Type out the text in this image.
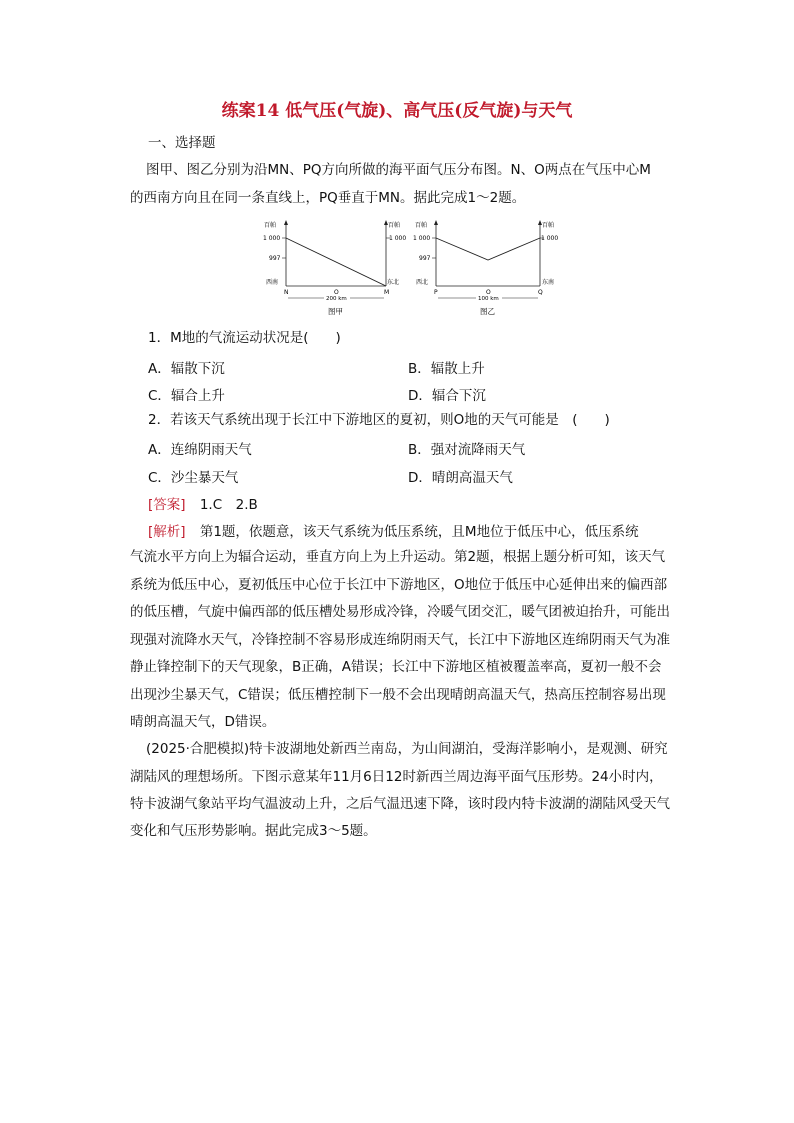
练案14 低气压(气旋)、高气压(反气旋)与天气
一、选择题
图甲、图乙分别为沿MN、PQ方向所做的海平面气压分布图。N、O两点在气压中心M
的西南方向且在同一条直线上，PQ垂直于MN。据此完成1～2题。
百帕	百帕
1 000
997
1 000
西南	东北
N	O	M
200 km
图甲
百帕	百帕
1 000
997
1 000
西北	东南
P	O	Q
100 km
图乙
1．M地的气流运动状况是(　　)
A．辐散下沉	B．辐散上升
C．辐合上升	D．辐合下沉
2．若该天气系统出现于长江中下游地区的夏初，则O地的天气可能是　(　　)
A．连绵阴雨天气	B．强对流降雨天气
C．沙尘暴天气	D．晴朗高温天气
[答案] 1.C　2.B
[解析] 第1题，依题意，该天气系统为低压系统，且M地位于低压中心，低压系统
气流水平方向上为辐合运动，垂直方向上为上升运动。第2题，根据上题分析可知，该天气
系统为低压中心，夏初低压中心位于长江中下游地区，O地位于低压中心延伸出来的偏西部
的低压槽，气旋中偏西部的低压槽处易形成冷锋，冷暖气团交汇，暖气团被迫抬升，可能出
现强对流降水天气，冷锋控制不容易形成连绵阴雨天气，长江中下游地区连绵阴雨天气为准
静止锋控制下的天气现象，B正确，A错误；长江中下游地区植被覆盖率高，夏初一般不会
出现沙尘暴天气，C错误；低压槽控制下一般不会出现晴朗高温天气，热高压控制容易出现
晴朗高温天气，D错误。
(2025·合肥模拟)特卡波湖地处新西兰南岛，为山间湖泊，受海洋影响小，是观测、研究
湖陆风的理想场所。下图示意某年11月6日12时新西兰周边海平面气压形势。24小时内，
特卡波湖气象站平均气温波动上升，之后气温迅速下降，该时段内特卡波湖的湖陆风受天气
变化和气压形势影响。据此完成3～5题。
